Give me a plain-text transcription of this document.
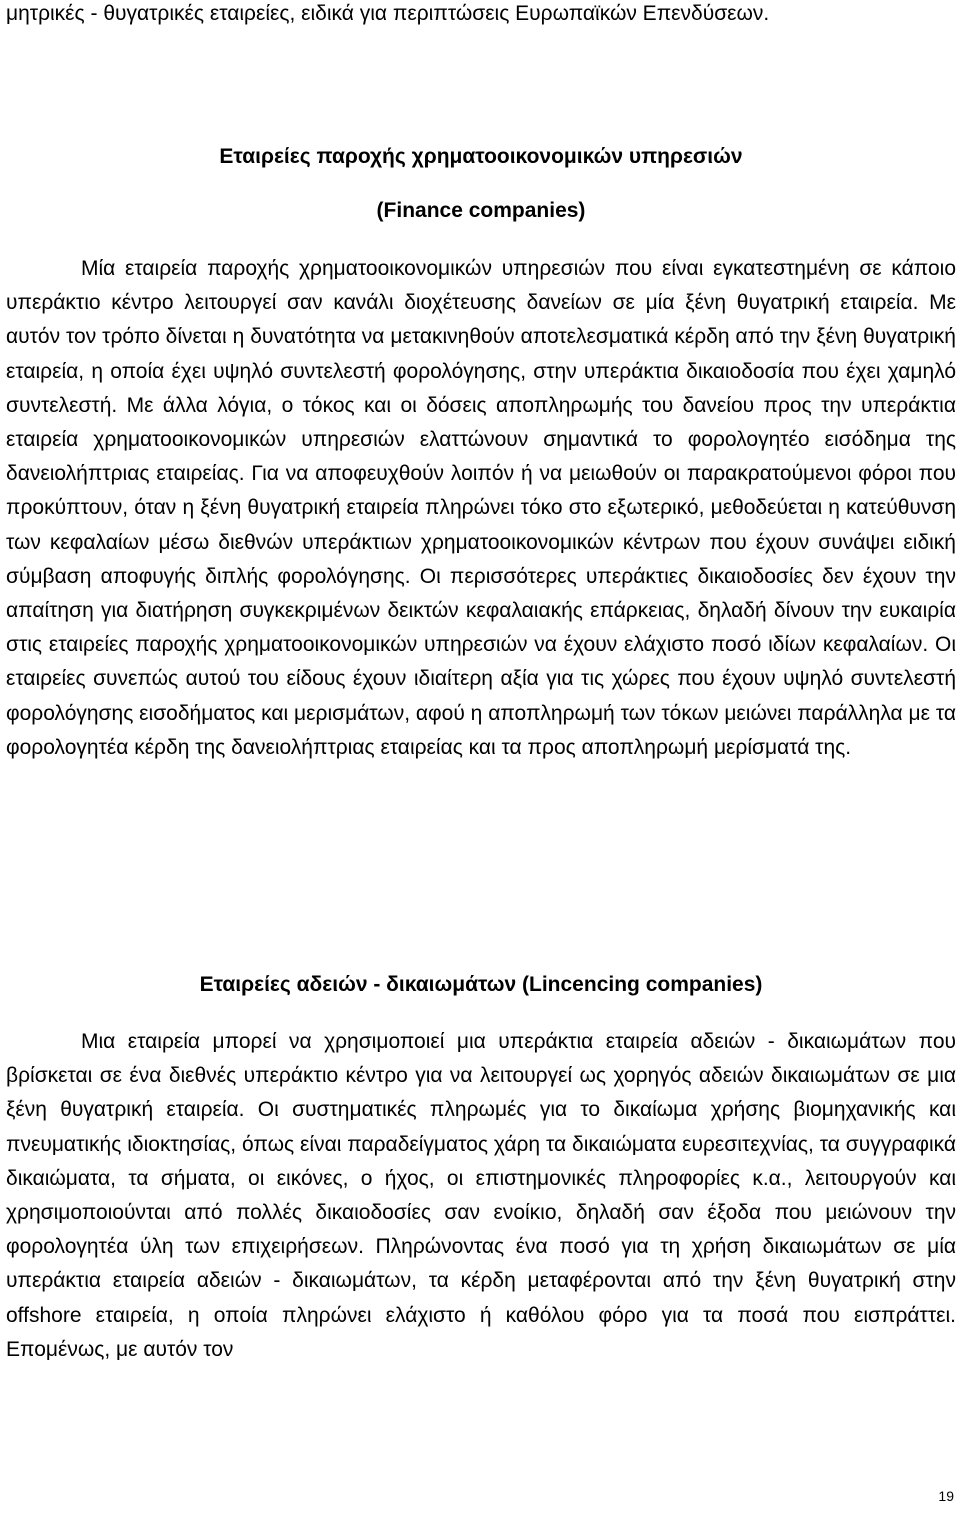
μητρικές - θυγατρικές εταιρείες, ειδικά για περιπτώσεις Ευρωπαϊκών Επενδύσεων.

Εταιρείες παροχής χρηματοοικονομικών υπηρεσιών
(Finance companies)

Μία εταιρεία παροχής χρηματοοικονομικών υπηρεσιών που είναι εγκατεστημένη σε κάποιο υπεράκτιο κέντρο λειτουργεί σαν κανάλι διοχέτευσης δανείων σε μία ξένη θυγατρική εταιρεία. Με αυτόν τον τρόπο δίνεται η δυνατότητα να μετακινηθούν αποτελεσματικά κέρδη από την ξένη θυγατρική εταιρεία, η οποία έχει υψηλό συντελεστή φορολόγησης, στην υπεράκτια δικαιοδοσία που έχει χαμηλό συντελεστή. Με άλλα λόγια, ο τόκος και οι δόσεις αποπληρωμής του δανείου προς την υπεράκτια εταιρεία χρηματοοικονομικών υπηρεσιών ελαττώνουν σημαντικά το φορολογητέο εισόδημα της δανειολήπτριας εταιρείας. Για να αποφευχθούν λοιπόν ή να μειωθούν οι παρακρατούμενοι φόροι που προκύπτουν, όταν η ξένη θυγατρική εταιρεία πληρώνει τόκο στο εξωτερικό, μεθοδεύεται η κατεύθυνση των κεφαλαίων μέσω διεθνών υπεράκτιων χρηματοοικονομικών κέντρων που έχουν συνάψει ειδική σύμβαση αποφυγής διπλής φορολόγησης. Οι περισσότερες υπεράκτιες δικαιοδοσίες δεν έχουν την απαίτηση για διατήρηση συγκεκριμένων δεικτών κεφαλαιακής επάρκειας, δηλαδή δίνουν την ευκαιρία στις εταιρείες παροχής χρηματοοικονομικών υπηρεσιών να έχουν ελάχιστο ποσό ιδίων κεφαλαίων. Οι εταιρείες συνεπώς αυτού του είδους έχουν ιδιαίτερη αξία για τις χώρες που έχουν υψηλό συντελεστή φορολόγησης εισοδήματος και μερισμάτων, αφού η αποπληρωμή των τόκων μειώνει παράλληλα με τα φορολογητέα κέρδη της δανειολήπτριας εταιρείας και τα προς αποπληρωμή μερίσματά της.

Εταιρείες αδειών - δικαιωμάτων (Lincencing companies)

Μια εταιρεία μπορεί να χρησιμοποιεί μια υπεράκτια εταιρεία αδειών - δικαιωμάτων που βρίσκεται σε ένα διεθνές υπεράκτιο κέντρο για να λειτουργεί ως χορηγός αδειών δικαιωμάτων σε μια ξένη θυγατρική εταιρεία. Οι συστηματικές πληρωμές για το δικαίωμα χρήσης βιομηχανικής και πνευματικής ιδιοκτησίας, όπως είναι παραδείγματος χάρη τα δικαιώματα ευρεσιτεχνίας, τα συγγραφικά δικαιώματα, τα σήματα, οι εικόνες, ο ήχος, οι επιστημονικές πληροφορίες κ.α., λειτουργούν και χρησιμοποιούνται από πολλές δικαιοδοσίες σαν ενοίκιο, δηλαδή σαν έξοδα που μειώνουν την φορολογητέα ύλη των επιχειρήσεων. Πληρώνοντας ένα ποσό για τη χρήση δικαιωμάτων σε μία υπεράκτια εταιρεία αδειών - δικαιωμάτων, τα κέρδη μεταφέρονται από την ξένη θυγατρική στην offshore εταιρεία, η οποία πληρώνει ελάχιστο ή καθόλου φόρο για τα ποσά που εισπράττει. Επομένως, με αυτόν τον

19
